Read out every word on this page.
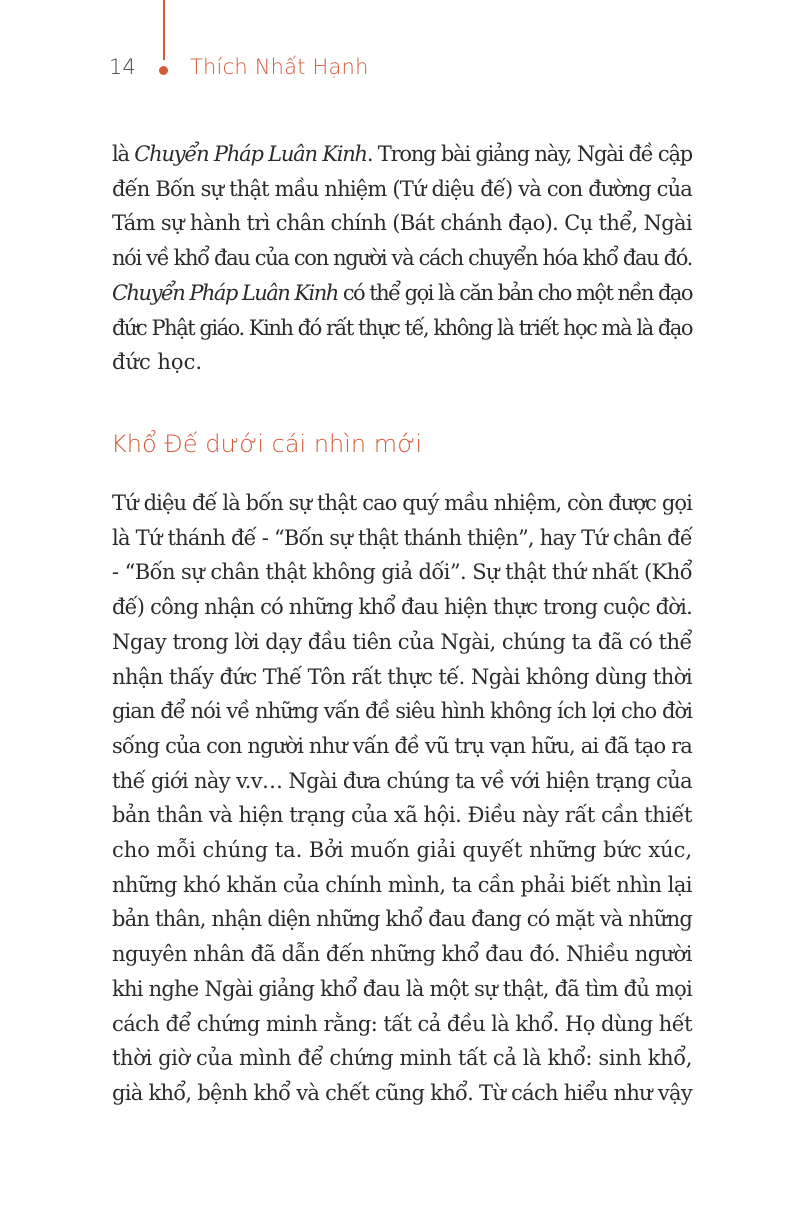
14	Thích Nhất Hạnh

là Chuyển Pháp Luân Kinh. Trong bài giảng này, Ngài đề cập
đến Bốn sự thật mầu nhiệm (Tứ diệu đế) và con đường của
Tám sự hành trì chân chính (Bát chánh đạo). Cụ thể, Ngài
nói về khổ đau của con người và cách chuyển hóa khổ đau đó.
Chuyển Pháp Luân Kinh có thể gọi là căn bản cho một nền đạo
đức Phật giáo. Kinh đó rất thực tế, không là triết học mà là đạo
đức học.

Khổ Đế dưới cái nhìn mới

Tứ diệu đế là bốn sự thật cao quý mầu nhiệm, còn được gọi
là Tứ thánh đế - “Bốn sự thật thánh thiện”, hay Tứ chân đế
- “Bốn sự chân thật không giả dối”. Sự thật thứ nhất (Khổ
đế) công nhận có những khổ đau hiện thực trong cuộc đời.
Ngay trong lời dạy đầu tiên của Ngài, chúng ta đã có thể
nhận thấy đức Thế Tôn rất thực tế. Ngài không dùng thời
gian để nói về những vấn đề siêu hình không ích lợi cho đời
sống của con người như vấn đề vũ trụ vạn hữu, ai đã tạo ra
thế giới này v.v… Ngài đưa chúng ta về với hiện trạng của
bản thân và hiện trạng của xã hội. Điều này rất cần thiết
cho mỗi chúng ta. Bởi muốn giải quyết những bức xúc,
những khó khăn của chính mình, ta cần phải biết nhìn lại
bản thân, nhận diện những khổ đau đang có mặt và những
nguyên nhân đã dẫn đến những khổ đau đó. Nhiều người
khi nghe Ngài giảng khổ đau là một sự thật, đã tìm đủ mọi
cách để chứng minh rằng: tất cả đều là khổ. Họ dùng hết
thời giờ của mình để chứng minh tất cả là khổ: sinh khổ,
già khổ, bệnh khổ và chết cũng khổ. Từ cách hiểu như vậy
